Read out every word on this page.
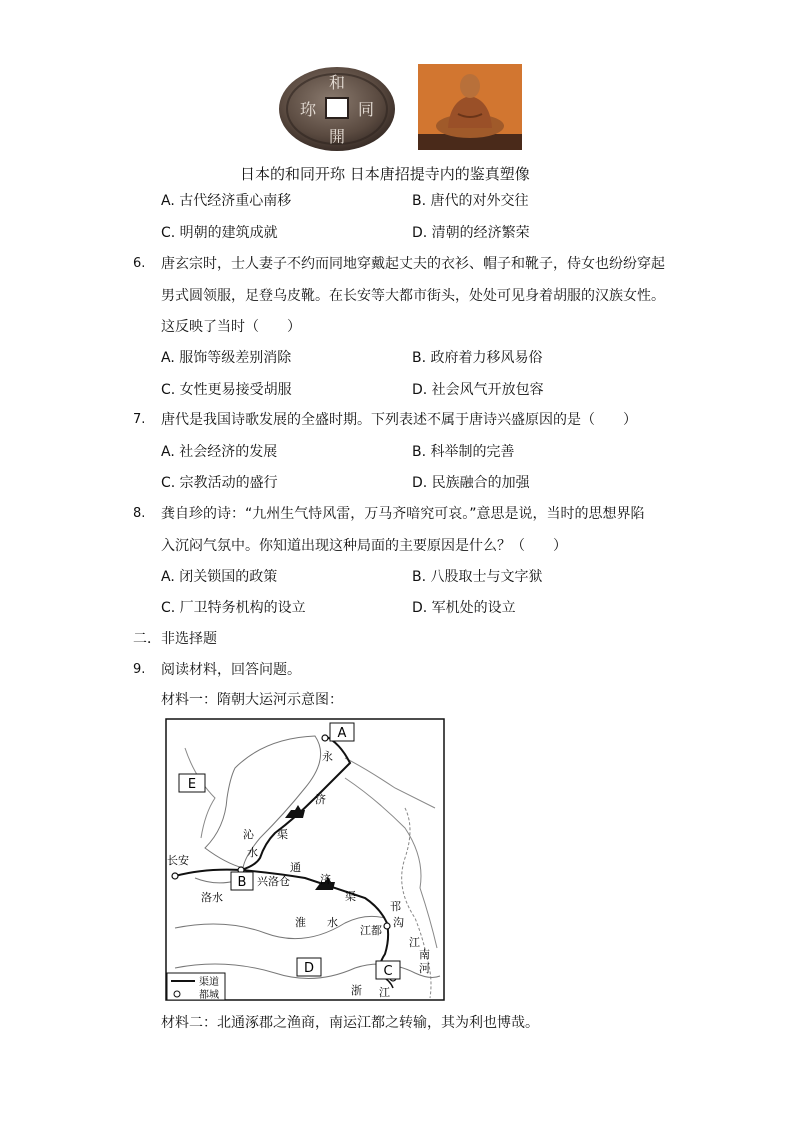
和
同
開
珎
日本的和同开珎 日本唐招提寺内的鉴真塑像
A. 古代经济重心南移	B. 唐代的对外交往
C. 明朝的建筑成就	D. 清朝的经济繁荣
6. 唐玄宗时，士人妻子不约而同地穿戴起丈夫的衣衫、帽子和靴子，侍女也纷纷穿起
男式圆领服，足登乌皮靴。在长安等大都市街头，处处可见身着胡服的汉族女性。
这反映了当时（　　）
A. 服饰等级差别消除	B. 政府着力移风易俗
C. 女性更易接受胡服	D. 社会风气开放包容
7. 唐代是我国诗歌发展的全盛时期。下列表述不属于唐诗兴盛原因的是（　　）
A. 社会经济的发展	B. 科举制的完善
C. 宗教活动的盛行	D. 民族融合的加强
8. 龚自珍的诗：“九州生气恃风雷，万马齐喑究可哀。”意思是说，当时的思想界陷
入沉闷气氛中。你知道出现这种局面的主要原因是什么？（　　）
A. 闭关锁国的政策	B. 八股取士与文字狱
C. 厂卫特务机构的设立	D. 军机处的设立
二．非选择题
9. 阅读材料，回答问题。
材料一：隋朝大运河示意图：
A
B
C
D
E
永
济
沁
水
渠
长安
兴洛仓
通
济
渠
洛水
淮 水
邗
沟
江都
江
南
河
浙 江
渠道
都城
材料二：北通涿郡之渔商，南运江都之转输，其为利也博哉。
